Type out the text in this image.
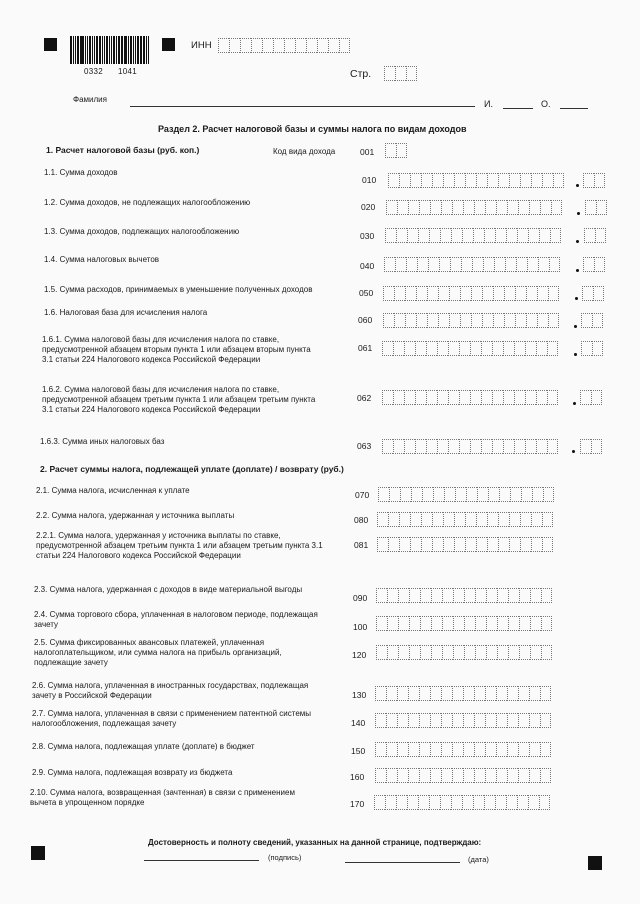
0332 1041
ИНН
Стр.
Фамилия	И.	О.
Раздел 2. Расчет налоговой базы и суммы налога по видам доходов
1. Расчет налоговой базы (руб. коп.)	Код вида дохода	001
1.1. Сумма доходов
010
1.2. Сумма доходов, не подлежащих налогообложению	020
1.3. Сумма доходов, подлежащих налогообложению	030
1.4. Сумма налоговых вычетов
040
1.5. Сумма расходов, принимаемых в уменьшение полученных доходов	050
1.6. Налоговая база для исчисления налога
060
1.6.1. Сумма налоговой базы для исчисления налога по ставке, предусмотренной абзацем вторым пункта 1 или абзацем вторым пункта 3.1 статьи 224 Налогового кодекса Российской Федерации
061
1.6.2. Сумма налоговой базы для исчисления налога по ставке, предусмотренной абзацем третьим пункта 1 или абзацем третьим пункта 3.1 статьи 224 Налогового кодекса Российской Федерации
062
1.6.3. Сумма иных налоговых баз	063
2. Расчет суммы налога, подлежащей уплате (доплате) / возврату (руб.)
2.1. Сумма налога, исчисленная к уплате	070
2.2. Сумма налога, удержанная у источника выплаты	080
2.2.1. Сумма налога, удержанная у источника выплаты по ставке, предусмотренной абзацем третьим пункта 1 или абзацем третьим пункта 3.1 статьи 224 Налогового кодекса Российской Федерации
081
2.3. Сумма налога, удержанная с доходов в виде материальной выгоды
090
2.4. Сумма торгового сбора, уплаченная в налоговом периоде, подлежащая зачету	100
2.5. Сумма фиксированных авансовых платежей, уплаченная налогоплательщиком, или сумма налога на прибыль организаций, подлежащие зачету
120
2.6. Сумма налога, уплаченная в иностранных государствах, подлежащая зачету в Российской Федерации	130
2.7. Сумма налога, уплаченная в связи с применением патентной системы налогообложения, подлежащая зачету	140
2.8. Сумма налога, подлежащая уплате (доплате) в бюджет	150
2.9. Сумма налога, подлежащая возврату из бюджета	160
2.10. Сумма налога, возвращенная (зачтенная) в связи с применением вычета в упрощенном порядке	170
Достоверность и полноту сведений, указанных на данной странице, подтверждаю:
(подпись)	(дата)
